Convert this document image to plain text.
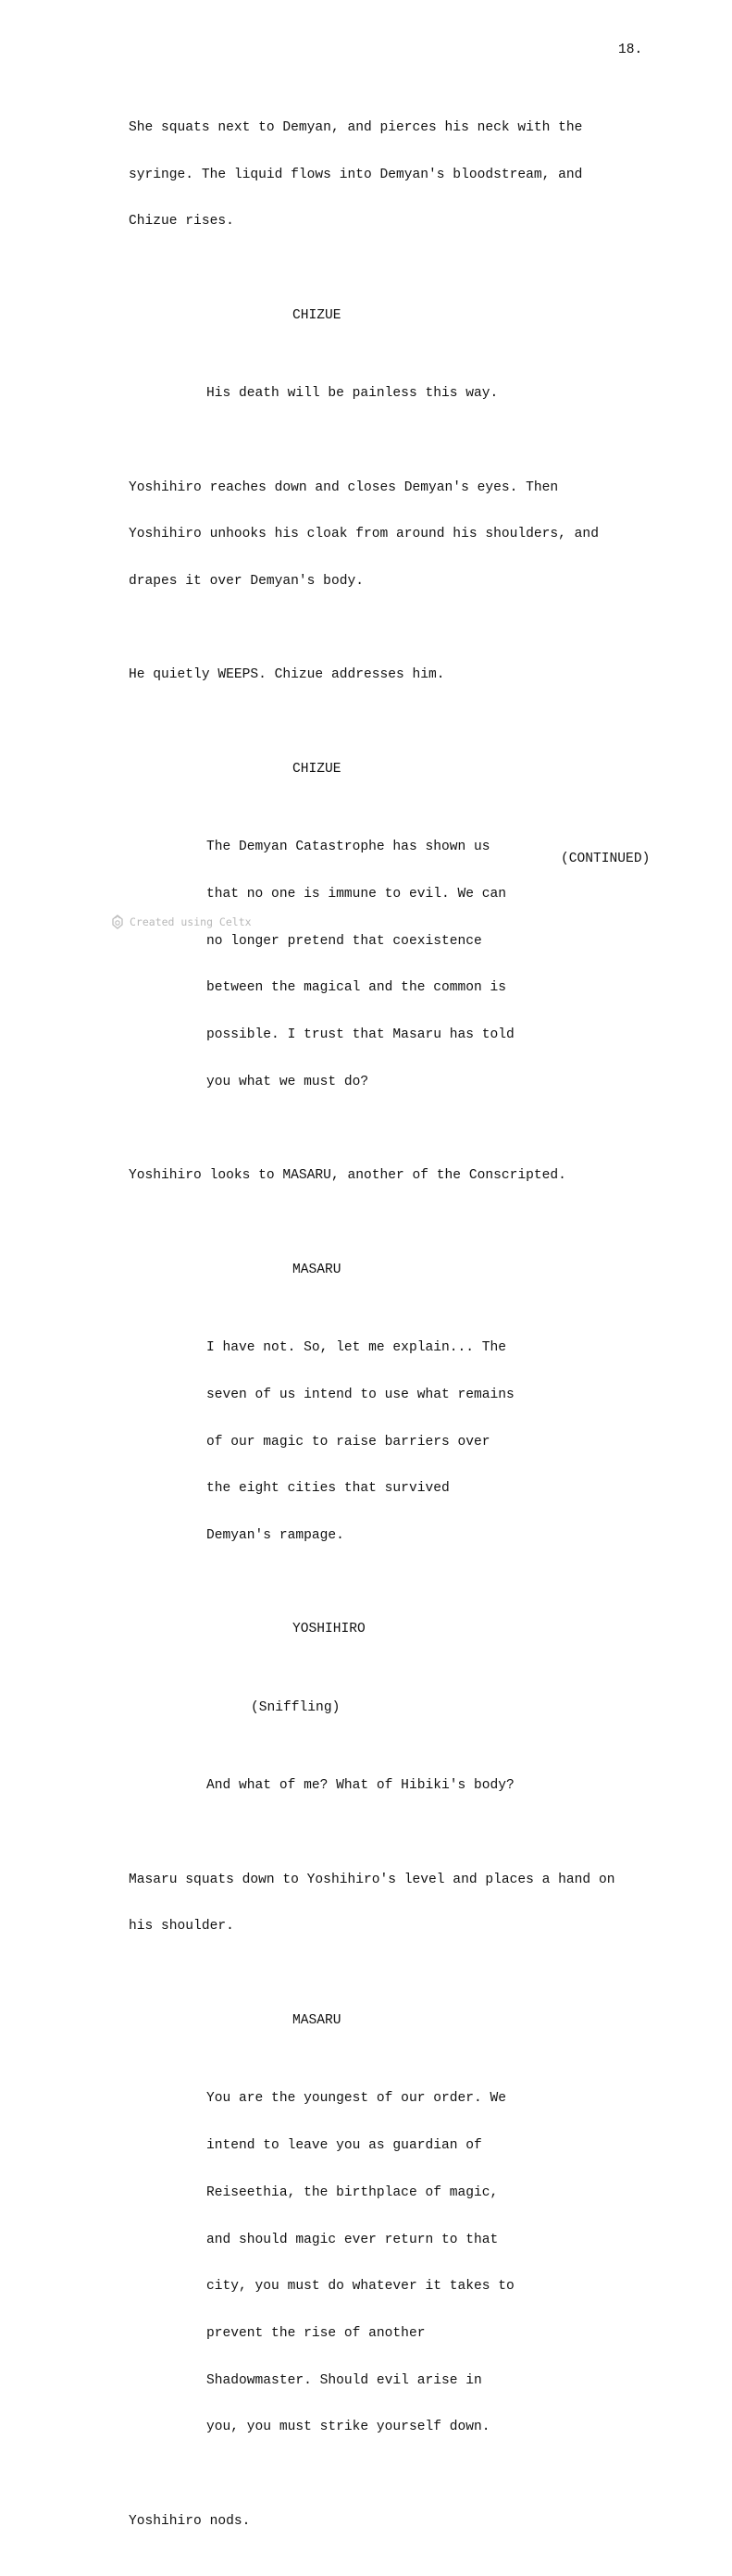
18.

She squats next to Demyan, and pierces his neck with the

syringe. The liquid flows into Demyan's bloodstream, and

Chizue rises.

CHIZUE

His death will be painless this way.

Yoshihiro reaches down and closes Demyan's eyes. Then

Yoshihiro unhooks his cloak from around his shoulders, and

drapes it over Demyan's body.

He quietly WEEPS. Chizue addresses him.

CHIZUE

The Demyan Catastrophe has shown us

that no one is immune to evil. We can

no longer pretend that coexistence

between the magical and the common is

possible. I trust that Masaru has told

you what we must do?

Yoshihiro looks to MASARU, another of the Conscripted.

MASARU

I have not. So, let me explain... The

seven of us intend to use what remains

of our magic to raise barriers over

the eight cities that survived

Demyan's rampage.

YOSHIHIRO

(Sniffling)

And what of me? What of Hibiki's body?

Masaru squats down to Yoshihiro's level and places a hand on

his shoulder.

MASARU

You are the youngest of our order. We

intend to leave you as guardian of

Reiseethia, the birthplace of magic,

and should magic ever return to that

city, you must do whatever it takes to

prevent the rise of another

Shadowmaster. Should evil arise in

you, you must strike yourself down.

Yoshihiro nods.

(CONTINUED)
Created using Celtx
